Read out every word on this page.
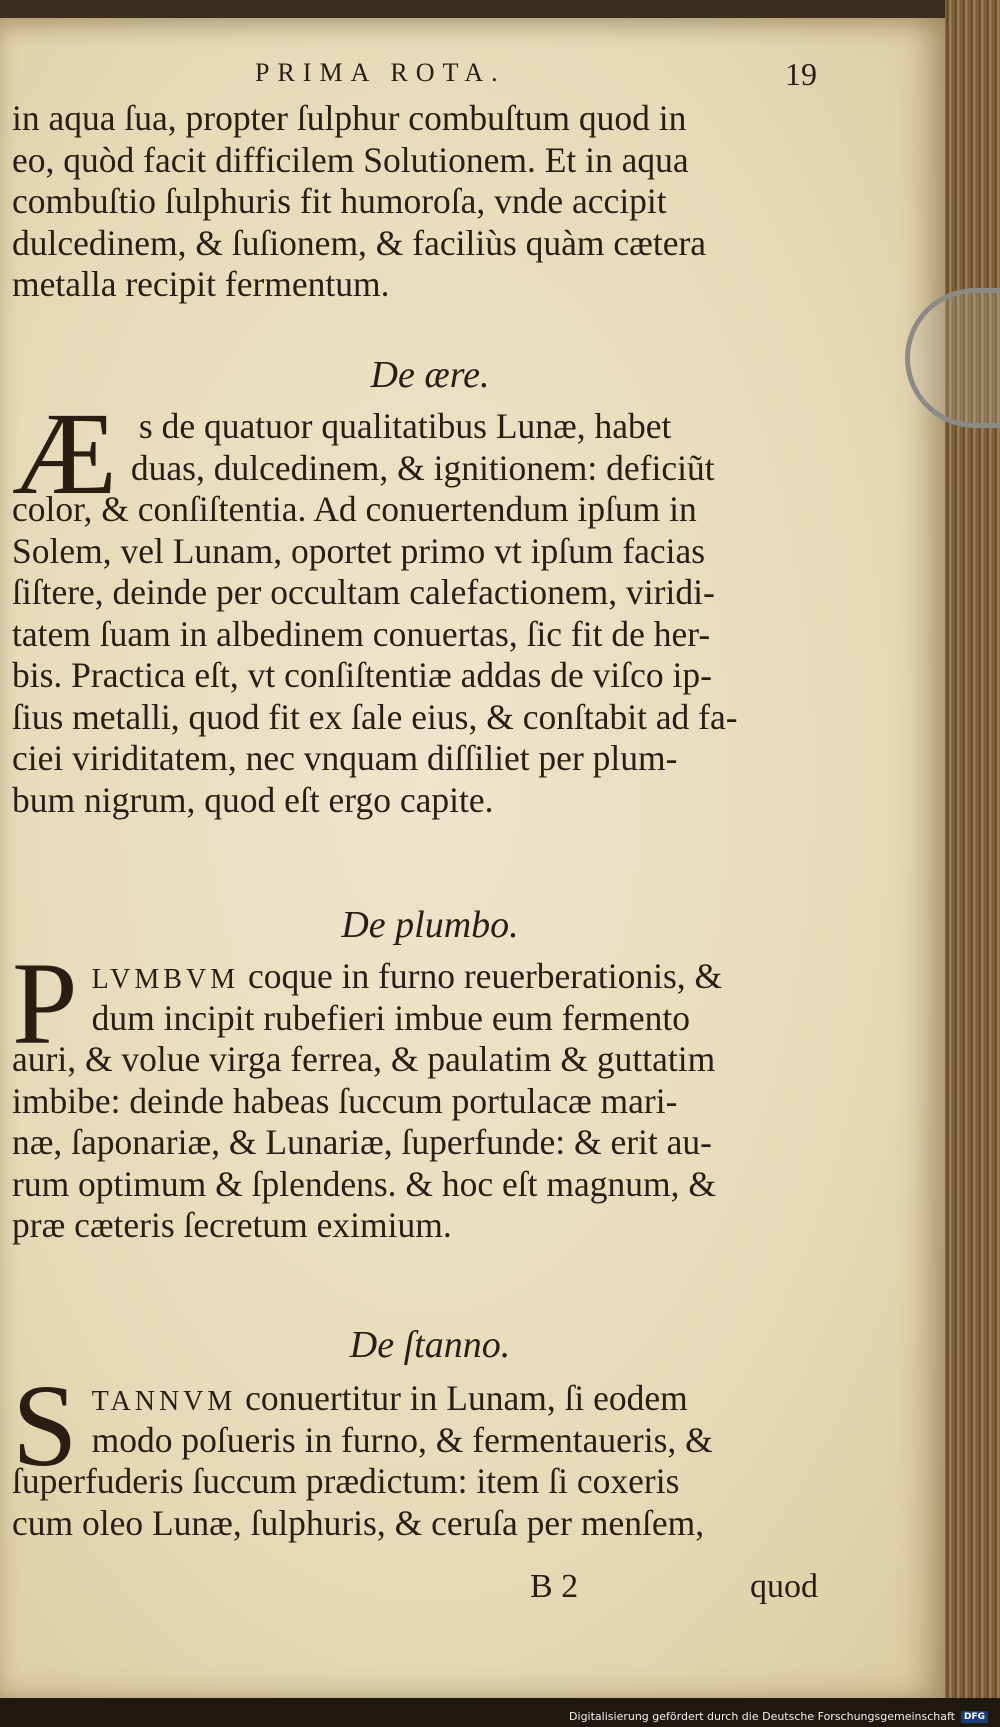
PRIMA ROTA.	19
in aqua ſua, propter ſulphur combuſtum quod in
eo, quòd facit difficilem Solutionem. Et in aqua
combuſtio ſulphuris fit humoroſa, vnde accipit
dulcedinem, & ſuſionem, & faciliùs quàm cætera
metalla recipit fermentum.
De ære.
Æ s de quatuor qualitatibus Lunæ, habet
duas, dulcedinem, & ignitionem: deficiũt
color, & conſiſtentia. Ad conuertendum ipſum in
Solem, vel Lunam, oportet primo vt ipſum facias
ſiſtere, deinde per occultam calefactionem, viridi-
tatem ſuam in albedinem conuertas, ſic fit de her-
bis. Practica eſt, vt conſiſtentiæ addas de viſco ip-
ſius metalli, quod fit ex ſale eius, & conſtabit ad fa-
ciei viriditatem, nec vnquam diſſiliet per plum-
bum nigrum, quod eſt ergo capite.
De plumbo.
P LVMBVM coque in furno reuerberationis, &
dum incipit rubefieri imbue eum fermento
auri, & volue virga ferrea, & paulatim & guttatim
imbibe: deinde habeas ſuccum portulacæ mari-
næ, ſaponariæ, & Lunariæ, ſuperfunde: & erit au-
rum optimum & ſplendens. & hoc eſt magnum, &
præ cæteris ſecretum eximium.
De ſtanno.
S TANNVM conuertitur in Lunam, ſi eodem
modo poſueris in furno, & fermentaueris, &
ſuperfuderis ſuccum prædictum: item ſi coxeris
cum oleo Lunæ, ſulphuris, & ceruſa per menſem,
B 2	quod
Digitalisierung gefördert durch die Deutsche Forschungsgemeinschaft	DFG
